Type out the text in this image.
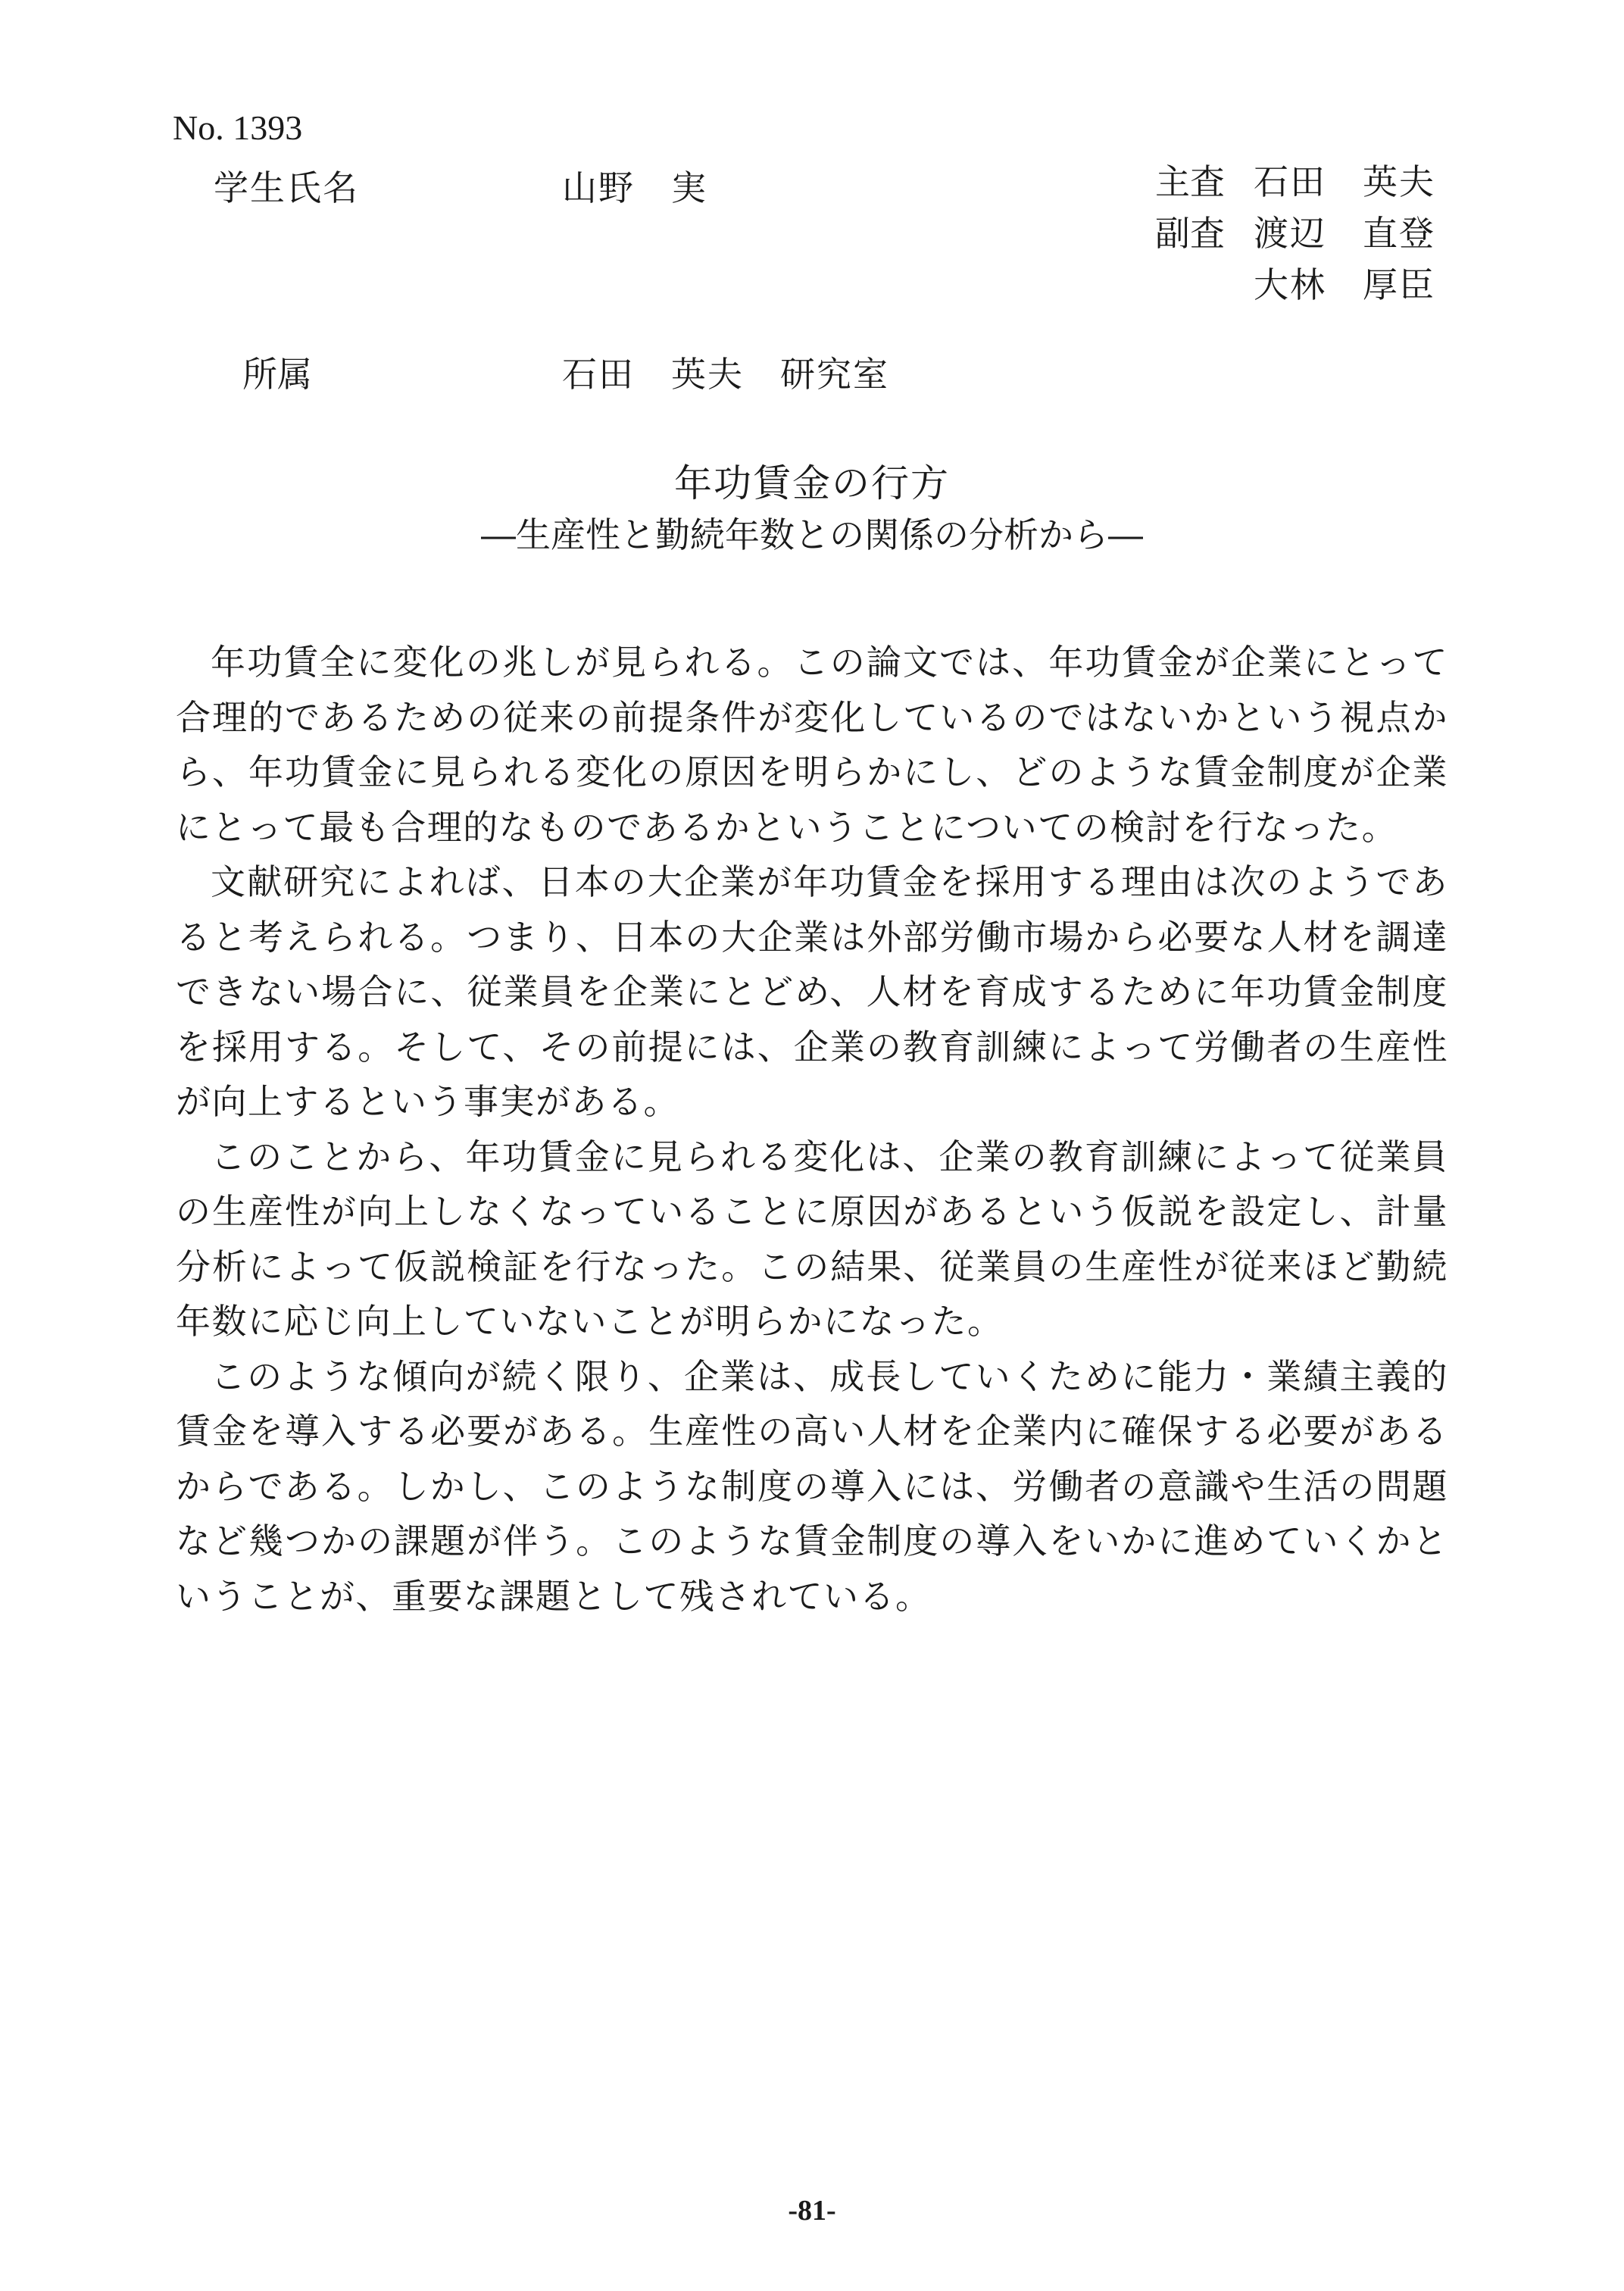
No. 1393
学生氏名	山野　実	主査 石田　英夫
副査 渡辺　直登
大林　厚臣
所属	石田　英夫　研究室
年功賃金の行方
―生産性と勤続年数との関係の分析から―

年功賃全に変化の兆しが見られる。この論文では、年功賃金が企業にとって合理的であるための従来の前提条件が変化しているのではないかという視点から、年功賃金に見られる変化の原因を明らかにし、どのような賃金制度が企業にとって最も合理的なものであるかということについての検討を行なった。

文献研究によれば、日本の大企業が年功賃金を採用する理由は次のようであると考えられる。つまり、日本の大企業は外部労働市場から必要な人材を調達できない場合に、従業員を企業にとどめ、人材を育成するために年功賃金制度を採用する。そして、その前提には、企業の教育訓練によって労働者の生産性が向上するという事実がある。

このことから、年功賃金に見られる変化は、企業の教育訓練によって従業員の生産性が向上しなくなっていることに原因があるという仮説を設定し、計量分析によって仮説検証を行なった。この結果、従業員の生産性が従来ほど勤続年数に応じ向上していないことが明らかになった。

このような傾向が続く限り、企業は、成長していくために能力・業績主義的賃金を導入する必要がある。生産性の高い人材を企業内に確保する必要があるからである。しかし、このような制度の導入には、労働者の意識や生活の問題など幾つかの課題が伴う。このような賃金制度の導入をいかに進めていくかということが、重要な課題として残されている。

-81-
